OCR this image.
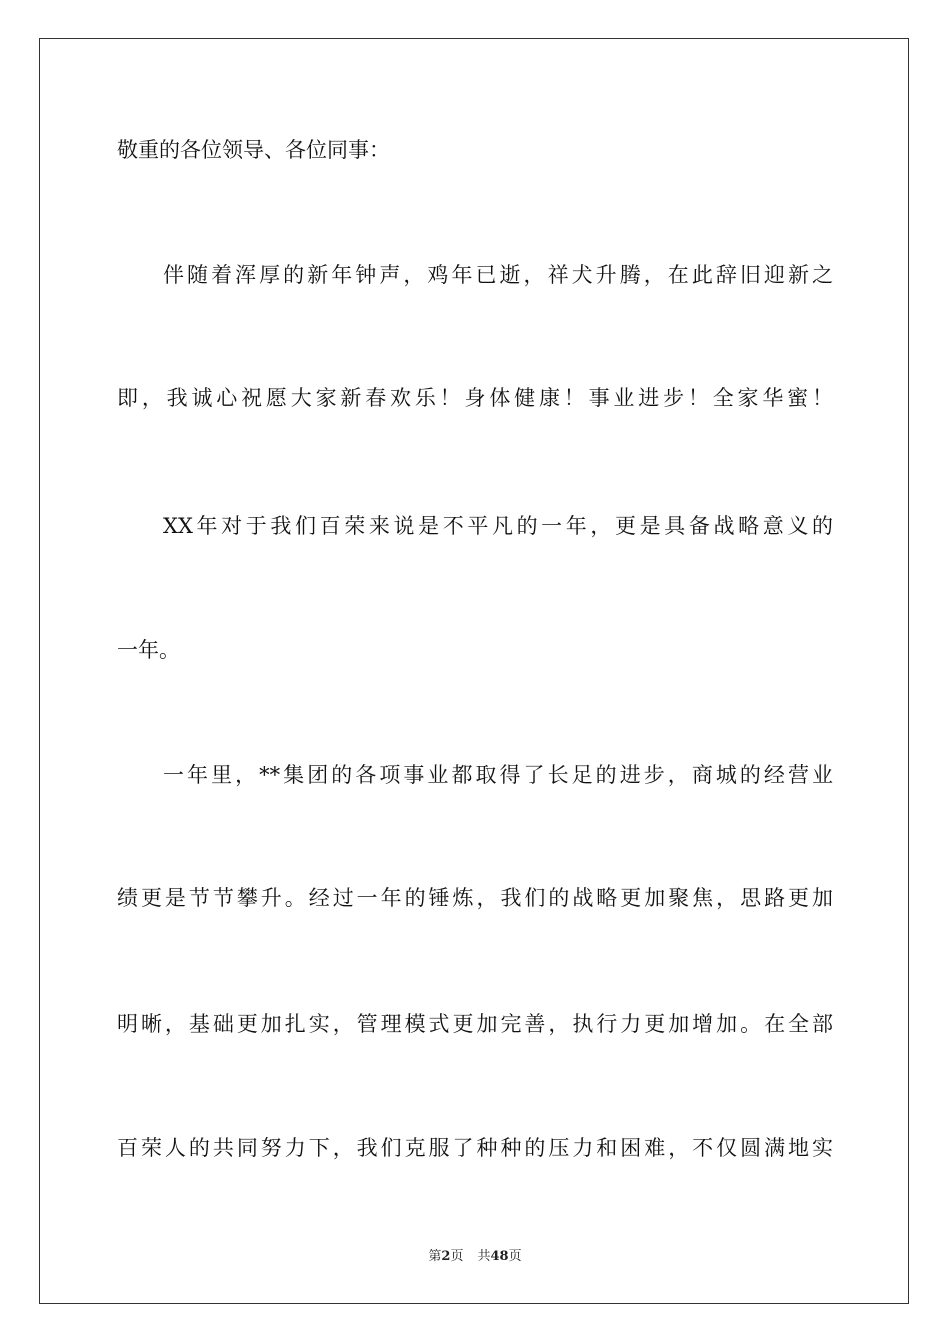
敬重的各位领导、各位同事：

伴随着浑厚的新年钟声，鸡年已逝，祥犬升腾，在此辞旧迎新之

即，我诚心祝愿大家新春欢乐！身体健康！事业进步！全家华蜜！

XX年对于我们百荣来说是不平凡的一年，更是具备战略意义的

一年。

一年里，**集团的各项事业都取得了长足的进步，商城的经营业

绩更是节节攀升。经过一年的锤炼，我们的战略更加聚焦，思路更加

明晰，基础更加扎实，管理模式更加完善，执行力更加增加。在全部

百荣人的共同努力下，我们克服了种种的压力和困难，不仅圆满地实

第2页 共48页
